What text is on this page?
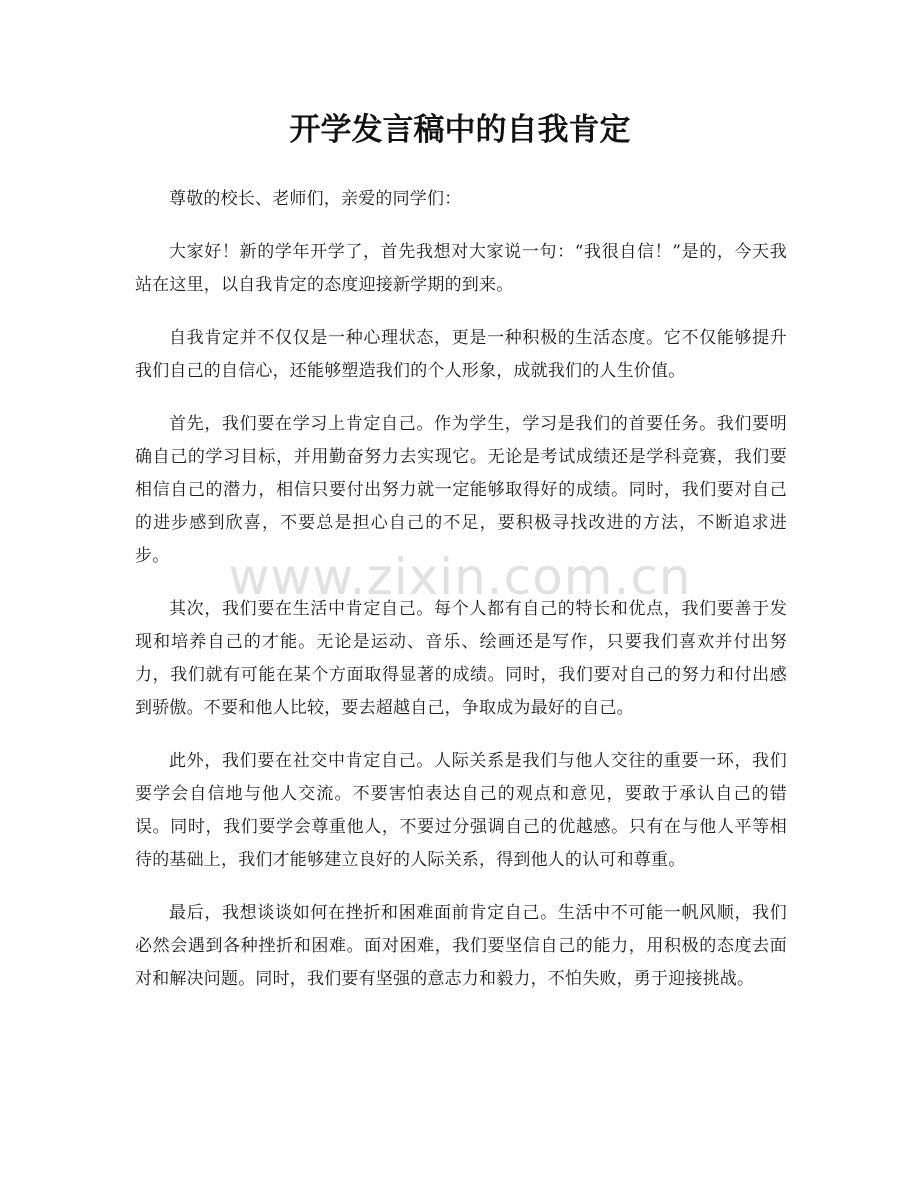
开学发言稿中的自我肯定

尊敬的校长、老师们，亲爱的同学们：

大家好！新的学年开学了，首先我想对大家说一句：“我很自信！”是的，今天我站在这里，以自我肯定的态度迎接新学期的到来。

自我肯定并不仅仅是一种心理状态，更是一种积极的生活态度。它不仅能够提升我们自己的自信心，还能够塑造我们的个人形象，成就我们的人生价值。

首先，我们要在学习上肯定自己。作为学生，学习是我们的首要任务。我们要明确自己的学习目标，并用勤奋努力去实现它。无论是考试成绩还是学科竞赛，我们要相信自己的潜力，相信只要付出努力就一定能够取得好的成绩。同时，我们要对自己的进步感到欣喜，不要总是担心自己的不足，要积极寻找改进的方法，不断追求进步。

其次，我们要在生活中肯定自己。每个人都有自己的特长和优点，我们要善于发现和培养自己的才能。无论是运动、音乐、绘画还是写作，只要我们喜欢并付出努力，我们就有可能在某个方面取得显著的成绩。同时，我们要对自己的努力和付出感到骄傲。不要和他人比较，要去超越自己，争取成为最好的自己。

此外，我们要在社交中肯定自己。人际关系是我们与他人交往的重要一环，我们要学会自信地与他人交流。不要害怕表达自己的观点和意见，要敢于承认自己的错误。同时，我们要学会尊重他人，不要过分强调自己的优越感。只有在与他人平等相待的基础上，我们才能够建立良好的人际关系，得到他人的认可和尊重。

最后，我想谈谈如何在挫折和困难面前肯定自己。生活中不可能一帆风顺，我们必然会遇到各种挫折和困难。面对困难，我们要坚信自己的能力，用积极的态度去面对和解决问题。同时，我们要有坚强的意志力和毅力，不怕失败，勇于迎接挑战。

www.zixin.com.cn
